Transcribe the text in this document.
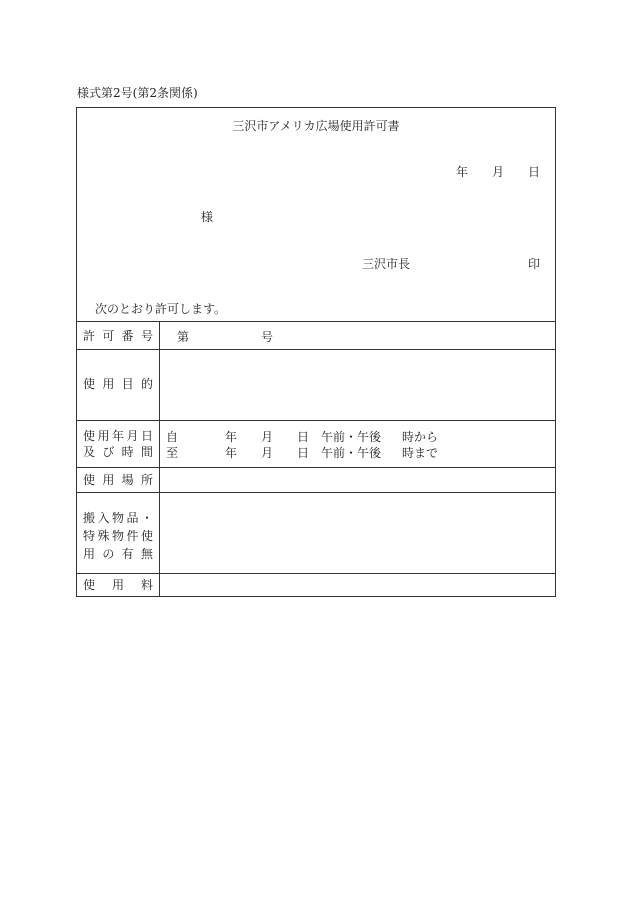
様式第2号(第2条関係)
三沢市アメリカ広場使用許可書
年 月 日
様
三沢市長	印
次のとおり許可します。
許 可 番 号 第	号
使 用 目 的
使 用 年 月 日
及 び 時 間
自	年 月 日 午前・午後 時から
至	年 月 日 午前・午後 時まで
使 用 場 所
搬 入 物 品 ・
特 殊 物 件 使
用 の 有 無
使 用 料
